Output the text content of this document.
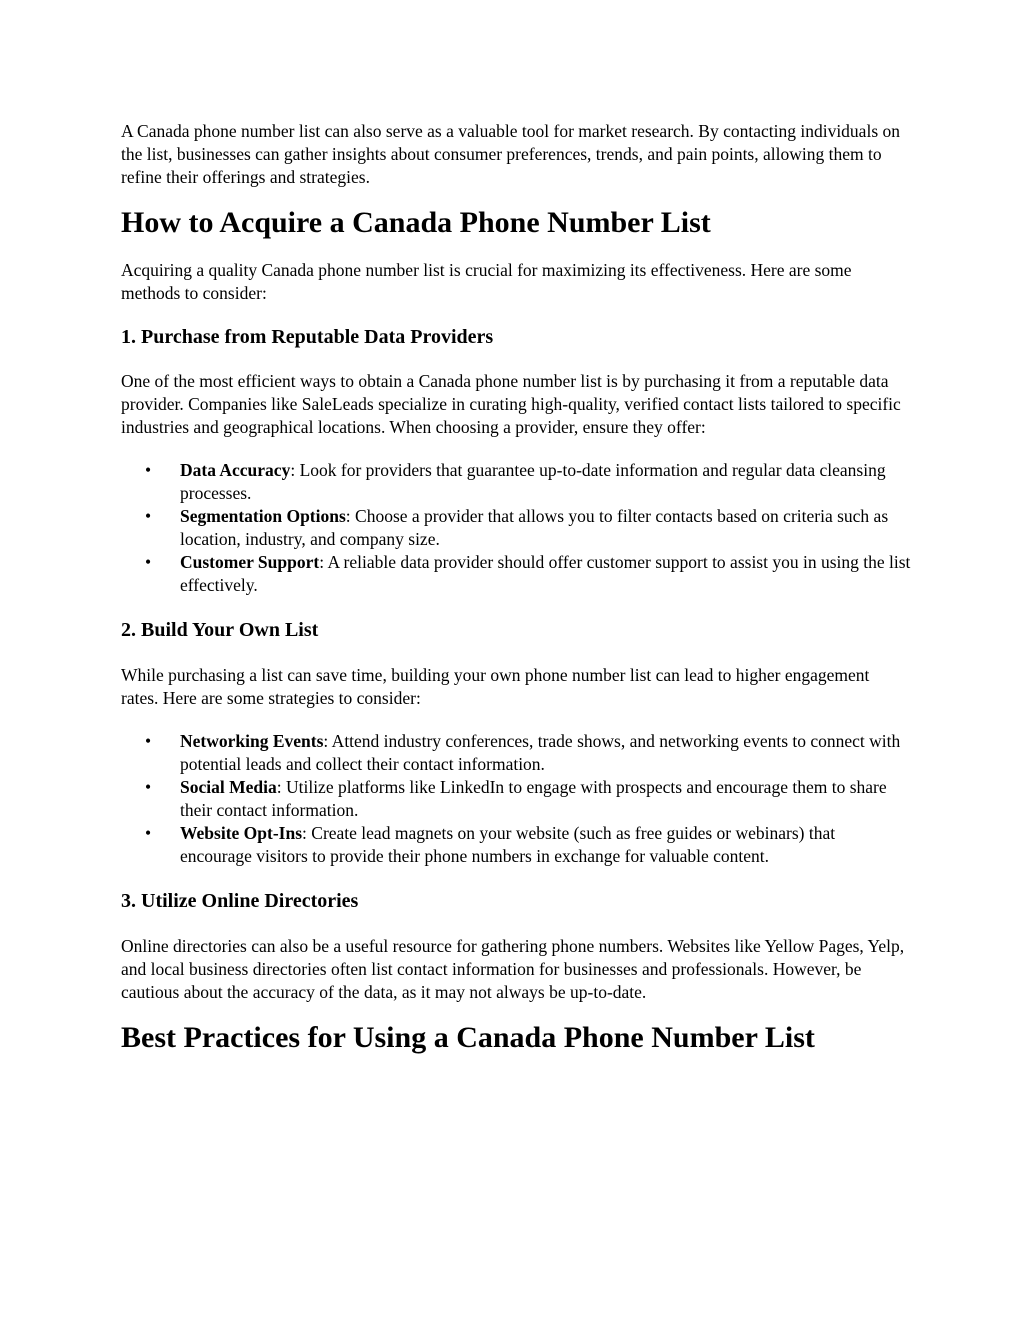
A Canada phone number list can also serve as a valuable tool for market research. By contacting individuals on the list, businesses can gather insights about consumer preferences, trends, and pain points, allowing them to refine their offerings and strategies.

How to Acquire a Canada Phone Number List

Acquiring a quality Canada phone number list is crucial for maximizing its effectiveness. Here are some methods to consider:

1. Purchase from Reputable Data Providers

One of the most efficient ways to obtain a Canada phone number list is by purchasing it from a reputable data provider. Companies like SaleLeads specialize in curating high-quality, verified contact lists tailored to specific industries and geographical locations. When choosing a provider, ensure they offer:

• Data Accuracy: Look for providers that guarantee up-to-date information and regular data cleansing processes.
• Segmentation Options: Choose a provider that allows you to filter contacts based on criteria such as location, industry, and company size.
• Customer Support: A reliable data provider should offer customer support to assist you in using the list effectively.
2. Build Your Own List

While purchasing a list can save time, building your own phone number list can lead to higher engagement rates. Here are some strategies to consider:

• Networking Events: Attend industry conferences, trade shows, and networking events to connect with potential leads and collect their contact information.
• Social Media: Utilize platforms like LinkedIn to engage with prospects and encourage them to share their contact information.
• Website Opt-Ins: Create lead magnets on your website (such as free guides or webinars) that encourage visitors to provide their phone numbers in exchange for valuable content.
3. Utilize Online Directories

Online directories can also be a useful resource for gathering phone numbers. Websites like Yellow Pages, Yelp, and local business directories often list contact information for businesses and professionals. However, be cautious about the accuracy of the data, as it may not always be up-to-date.

Best Practices for Using a Canada Phone Number List
